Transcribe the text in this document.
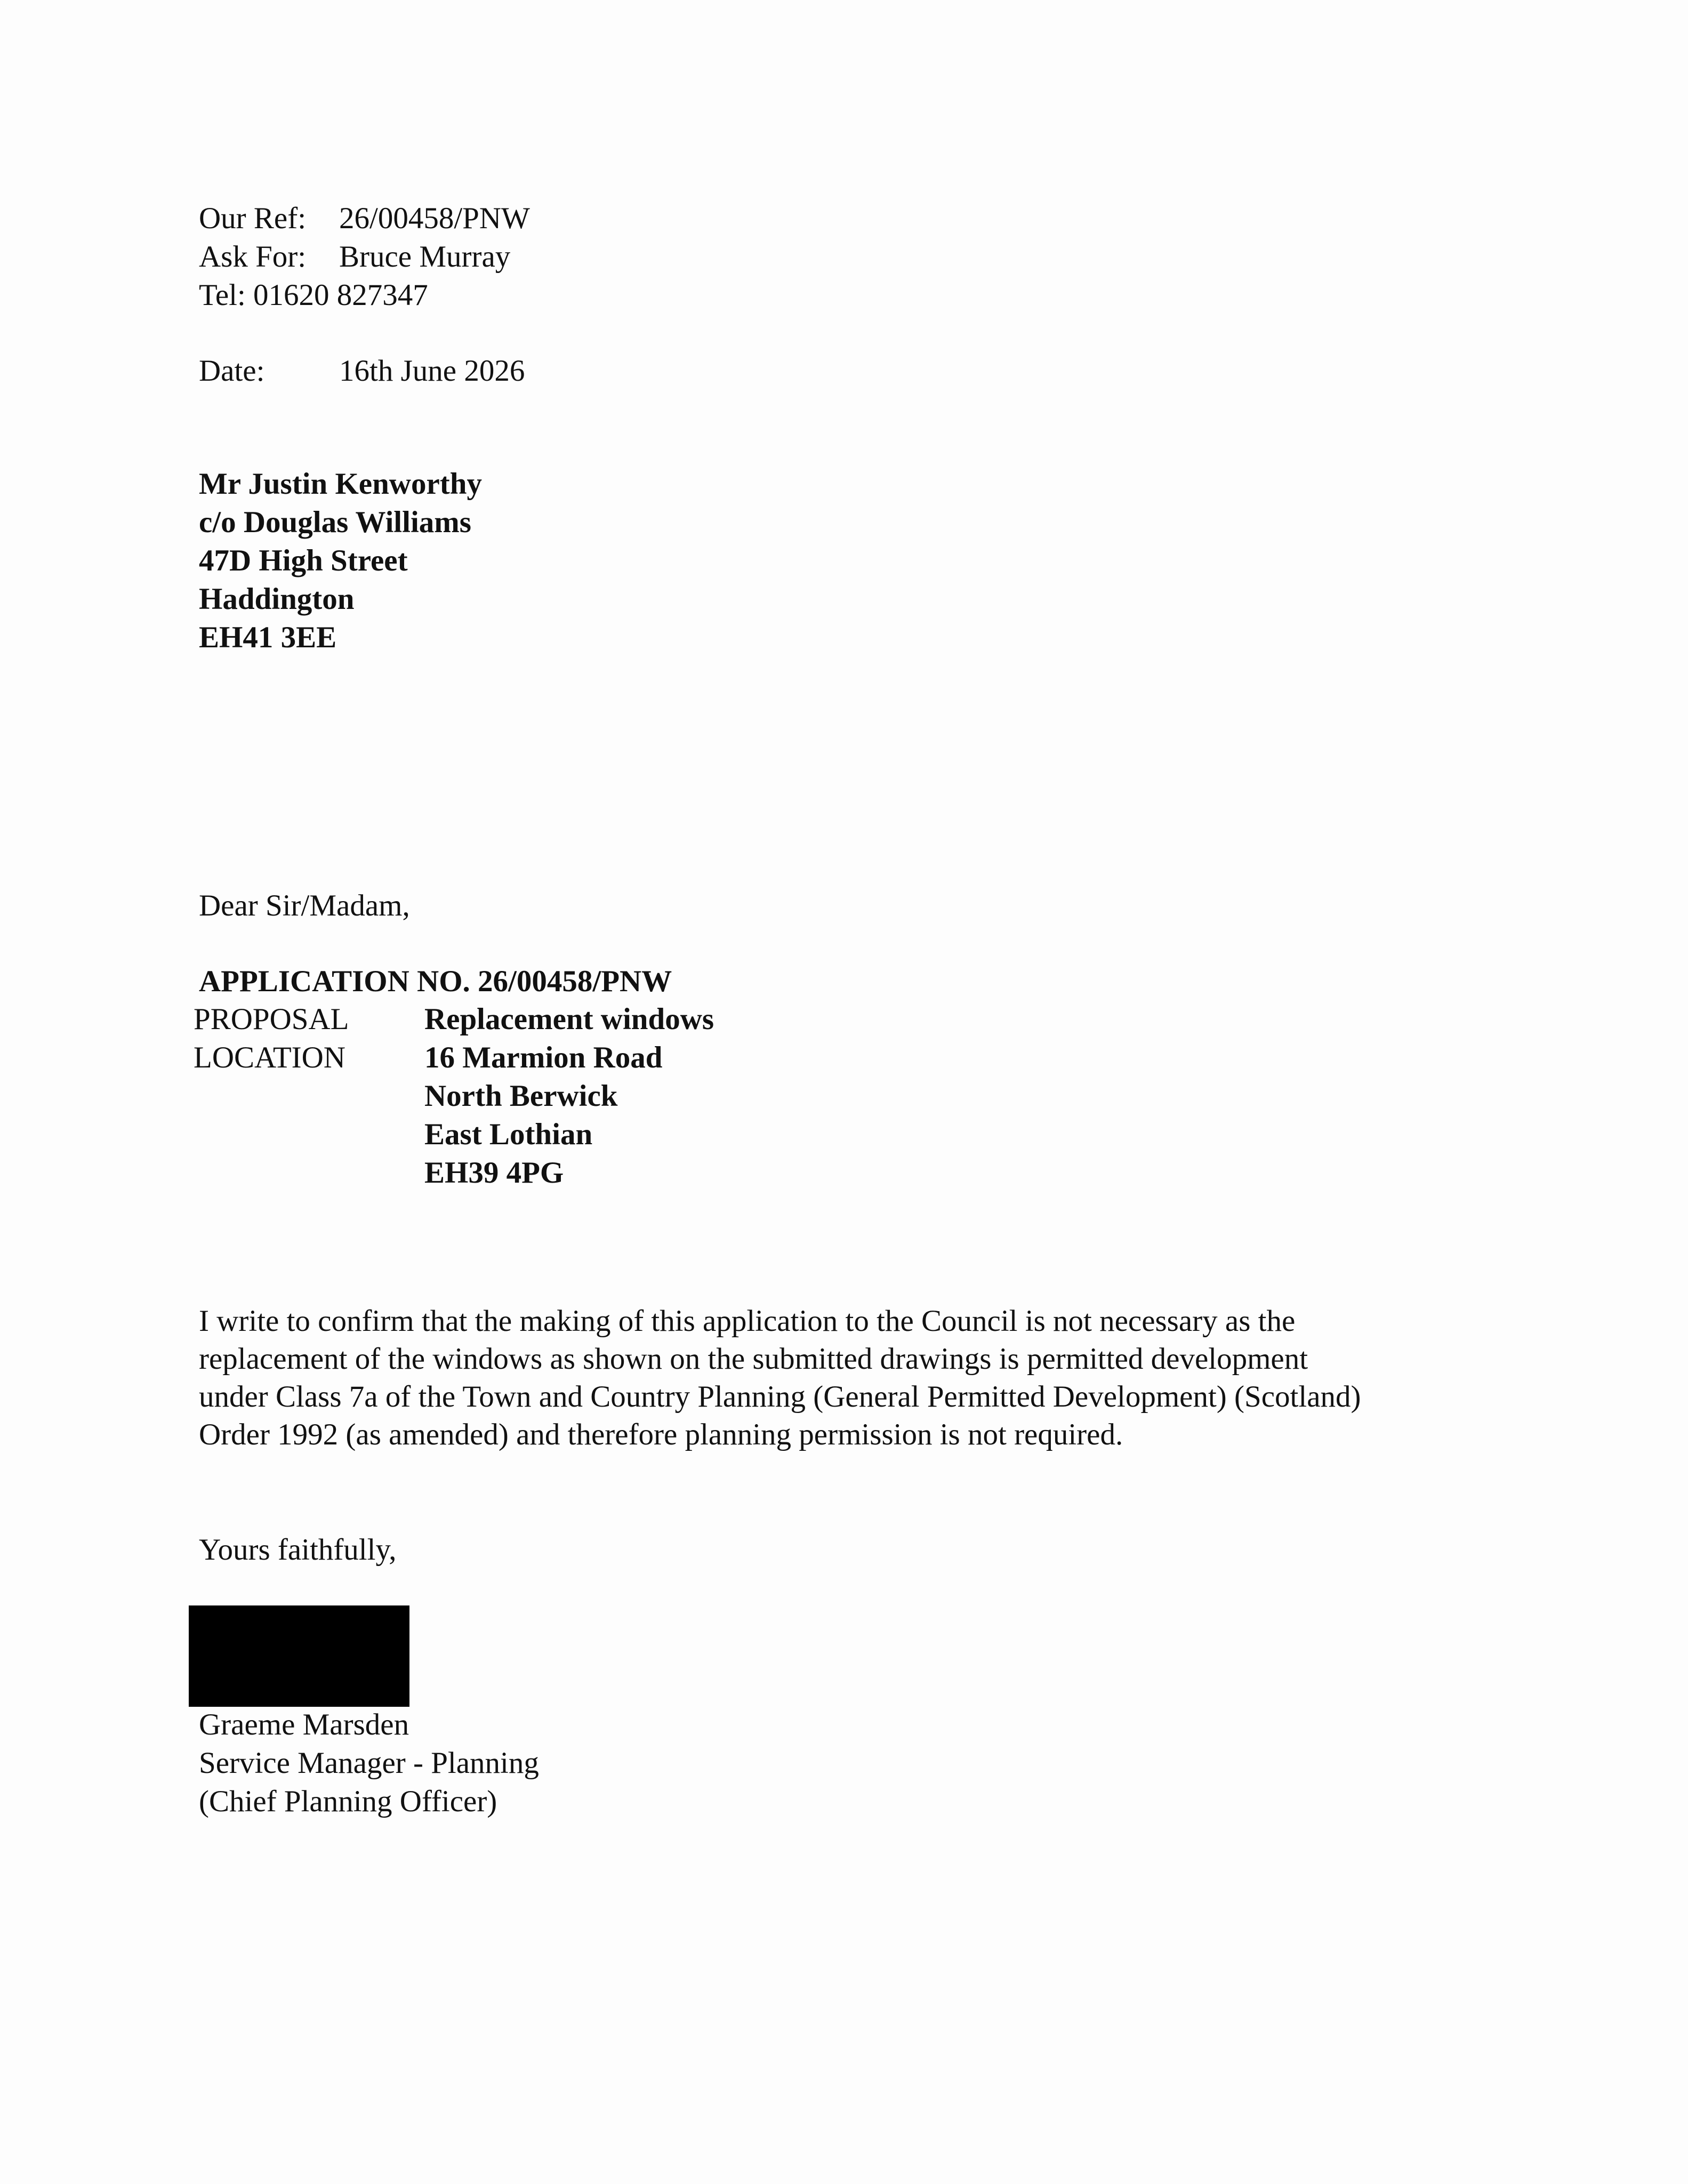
Our Ref: 26/00458/PNW
Ask For: Bruce Murray
Tel: 01620 827347
Date: 16th June 2026
Mr Justin Kenworthy
c/o Douglas Williams
47D High Street
Haddington
EH41 3EE
Dear Sir/Madam,
APPLICATION NO. 26/00458/PNW
PROPOSAL Replacement windows
LOCATION	16 Marmion Road
North Berwick
East Lothian
EH39 4PG
I write to confirm that the making of this application to the Council is not necessary as the
replacement of the windows as shown on the submitted drawings is permitted development
under Class 7a of the Town and Country Planning (General Permitted Development) (Scotland)
Order 1992 (as amended) and therefore planning permission is not required.
Yours faithfully,
Graeme Marsden
Service Manager - Planning
(Chief Planning Officer)
